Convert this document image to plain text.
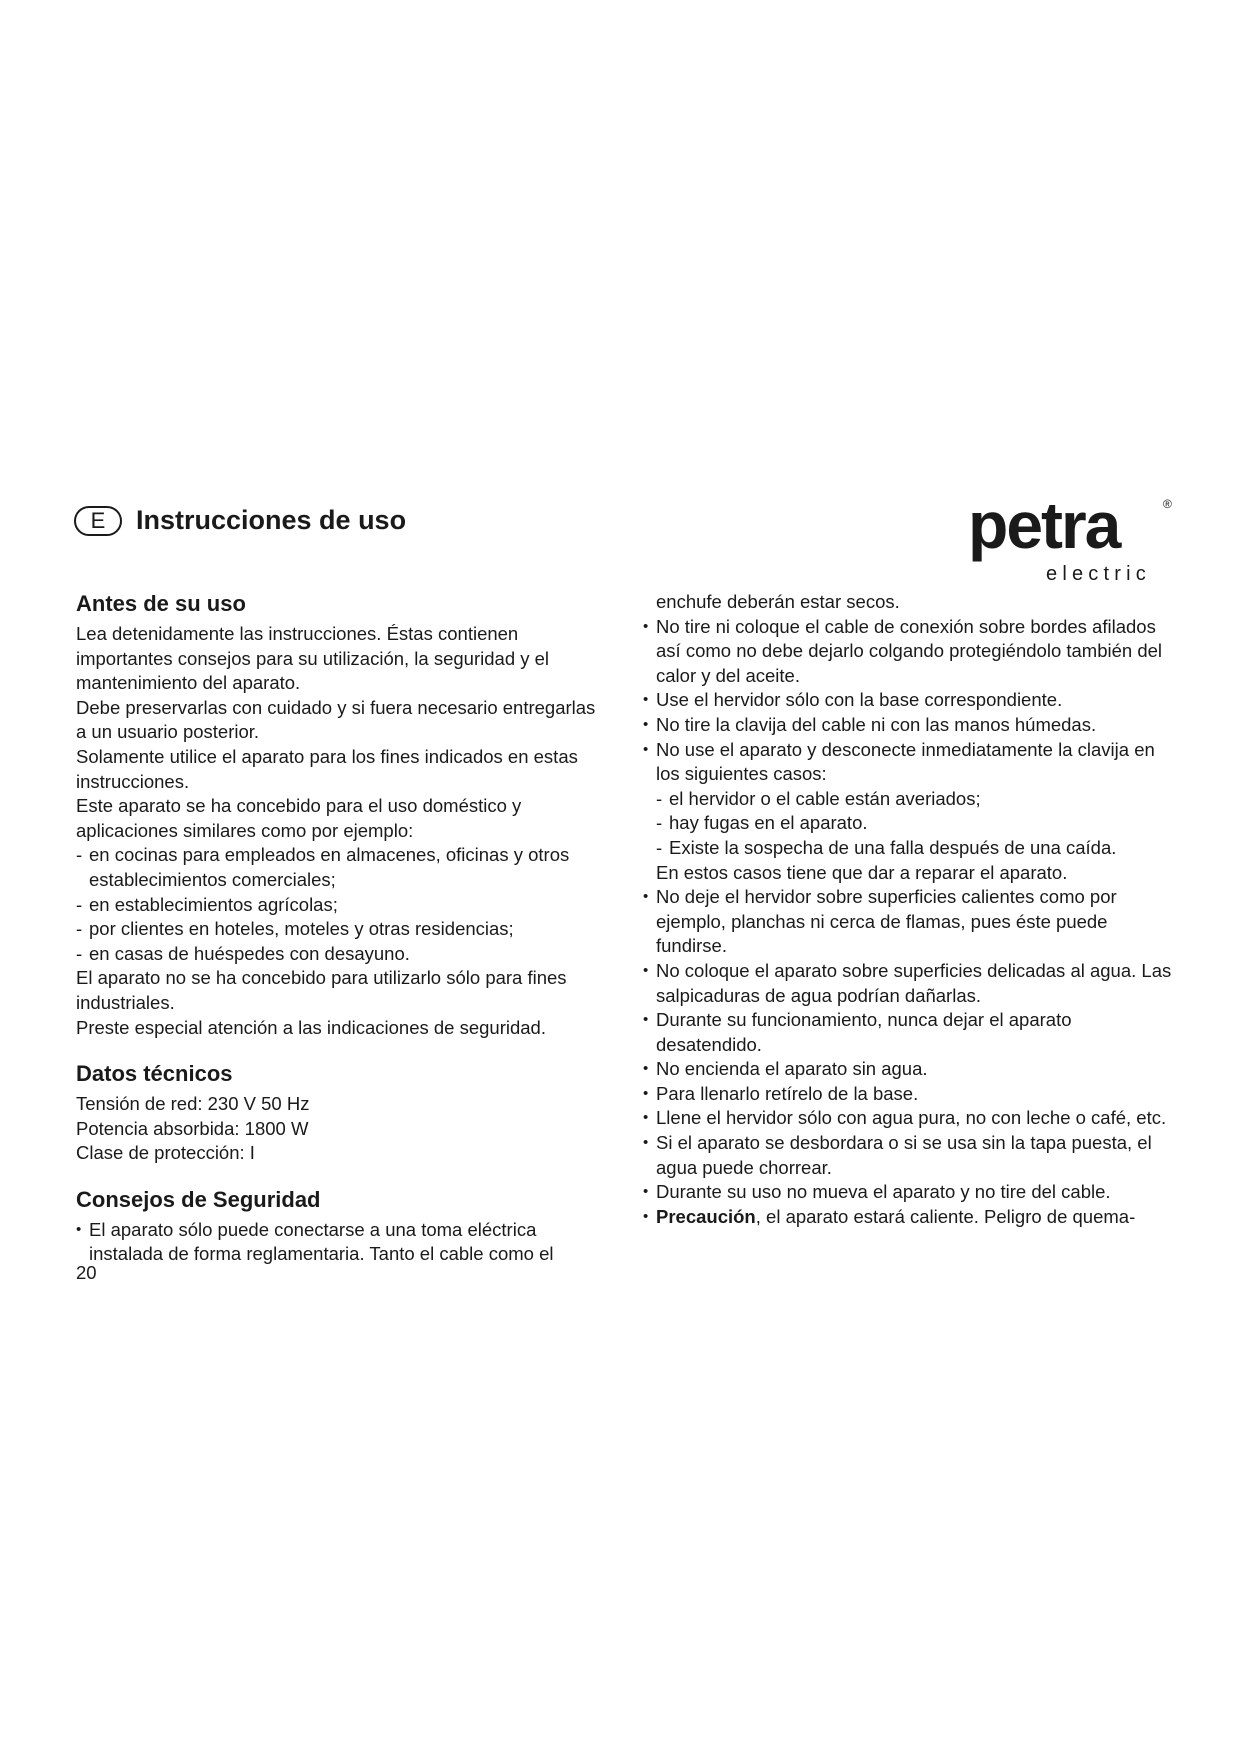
E	Instrucciones de uso	petra	®
electric
Antes de su uso

Lea detenidamente las instrucciones. Éstas contienen importantes consejos para su utilización, la seguridad y el mantenimiento del aparato.

Debe preservarlas con cuidado y si fuera necesario entregarlas a un usuario posterior.

Solamente utilice el aparato para los fines indicados en estas instrucciones.

Este aparato se ha concebido para el uso doméstico y aplicaciones similares como por ejemplo:

- en cocinas para empleados en almacenes, oficinas y otros establecimientos comerciales;
- en establecimientos agrícolas;
- por clientes en hoteles, moteles y otras residencias;
- en casas de huéspedes con desayuno.

El aparato no se ha concebido para utilizarlo sólo para fines industriales.

Preste especial atención a las indicaciones de seguridad.

Datos técnicos

Tensión de red: 230 V 50 Hz

Potencia absorbida: 1800 W

Clase de protección: I

Consejos de Seguridad
• El aparato sólo puede conectarse a una toma eléctrica instalada de forma reglamentaria. Tanto el cable como el

enchufe deberán estar secos.

• No tire ni coloque el cable de conexión sobre bordes afilados así como no debe dejarlo colgando protegiéndolo también del calor y del aceite.
• Use el hervidor sólo con la base correspondiente.
• No tire la clavija del cable ni con las manos húmedas.
• No use el aparato y desconecte inmediatamente la clavija en los siguientes casos:
- el hervidor o el cable están averiados;
- hay fugas en el aparato.
- Existe la sospecha de una falla después de una caída.

En estos casos tiene que dar a reparar el aparato.

• No deje el hervidor sobre superficies calientes como por ejemplo, planchas ni cerca de flamas, pues éste puede fundirse.
• No coloque el aparato sobre superficies delicadas al agua. Las salpicaduras de agua podrían dañarlas.
• Durante su funcionamiento, nunca dejar el aparato desatendido.
• No encienda el aparato sin agua.
• Para llenarlo retírelo de la base.
• Llene el hervidor sólo con agua pura, no con leche o café, etc.
• Si el aparato se desbordara o si se usa sin la tapa puesta, el agua puede chorrear.
• Durante su uso no mueva el aparato y no tire del cable.
• Precaución, el aparato estará caliente. Peligro de quema-
20
